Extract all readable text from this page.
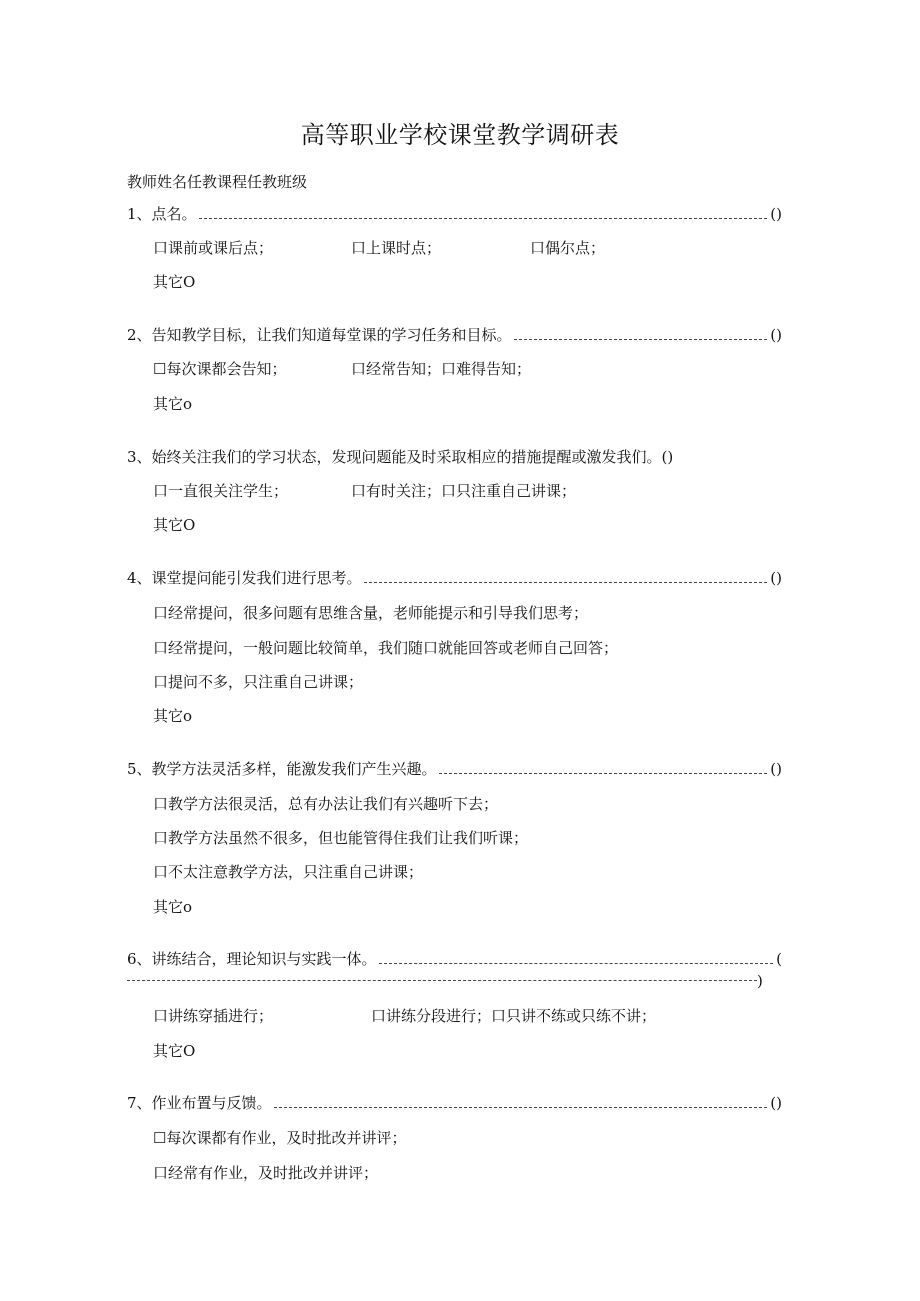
高等职业学校课堂教学调研表
教师姓名任教课程任教班级
1、点名。	()
口课前或课后点；	口上课时点；	口偶尔点；
其它O
2、告知教学目标，让我们知道每堂课的学习任务和目标。	()
☐每次课都会告知；	口经常告知；口难得告知；
其它o
3、始终关注我们的学习状态，发现问题能及时采取相应的措施提醒或激发我们。()
口一直很关注学生；	口有时关注；口只注重自己讲课；
其它O
4、课堂提问能引发我们进行思考。	()
口经常提问，很多问题有思维含量，老师能提示和引导我们思考；
口经常提问，一般问题比较简单，我们随口就能回答或老师自己回答；
口提问不多，只注重自己讲课；
其它o
5、教学方法灵活多样，能激发我们产生兴趣。	()
口教学方法很灵活，总有办法让我们有兴趣听下去；
口教学方法虽然不很多，但也能管得住我们让我们听课；
口不太注意教学方法，只注重自己讲课；
其它o
6、讲练结合，理论知识与实践一体。	(
)
口讲练穿插进行；	口讲练分段进行；口只讲不练或只练不讲；
其它O
7、作业布置与反馈。	()
☐每次课都有作业，及时批改并讲评；
口经常有作业，及时批改并讲评；
